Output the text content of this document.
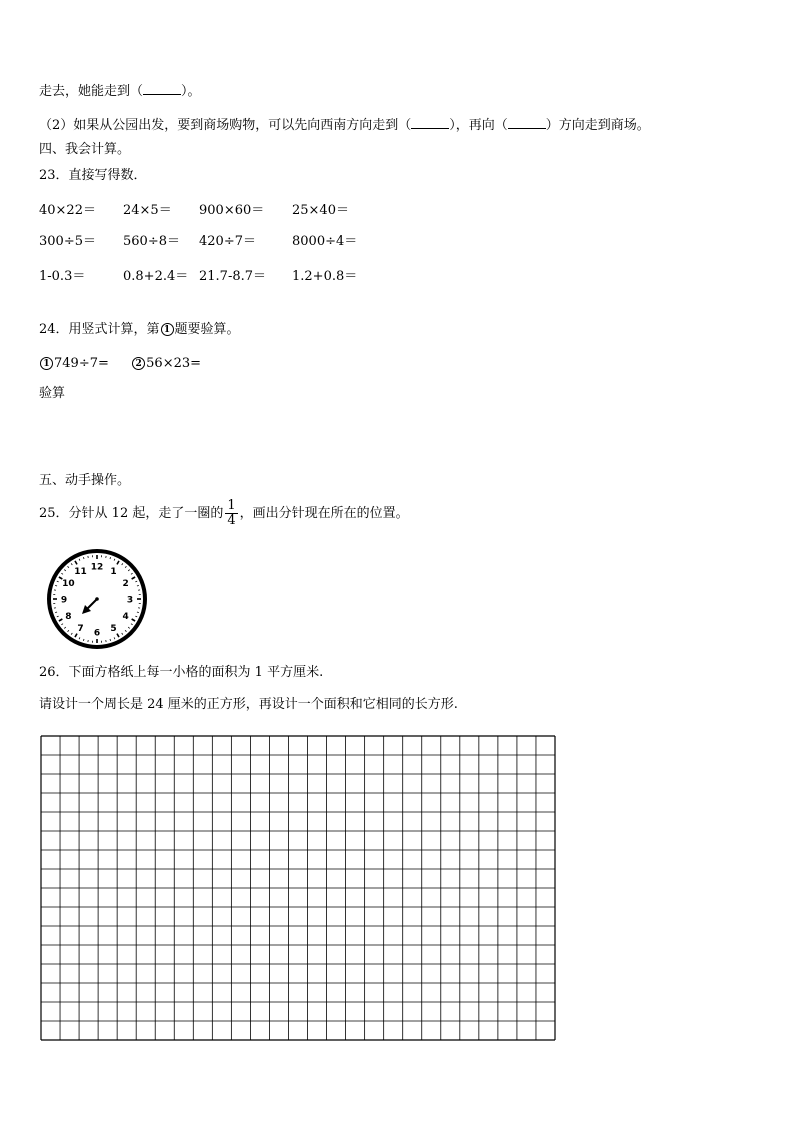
走去，她能走到（	）。
（2）如果从公园出发，要到商场购物，可以先向西南方向走到（	），再向（	）方向走到商场。
四、我会计算。
23．直接写得数．
40×22＝ 24×5＝ 900×60＝ 25×40＝
300÷5＝ 560÷8＝ 420÷7＝	8000÷4＝
1-0.3＝	0.8+2.4＝ 21.7-8.7＝ 1.2+0.8＝
24．用竖式计算，第 1 题要验算。
1 749÷7=	2 56×23=
验算
五、动手操作。
25．分针从 12 起，走了一圈的 $\frac{1}{4}$ ，画出分针现在所在的位置。
12 1
2
3
4
5
6
7
8
9
10
11
26．下面方格纸上每一小格的面积为 1 平方厘米.
请设计一个周长是 24 厘米的正方形，再设计一个面积和它相同的长方形.
